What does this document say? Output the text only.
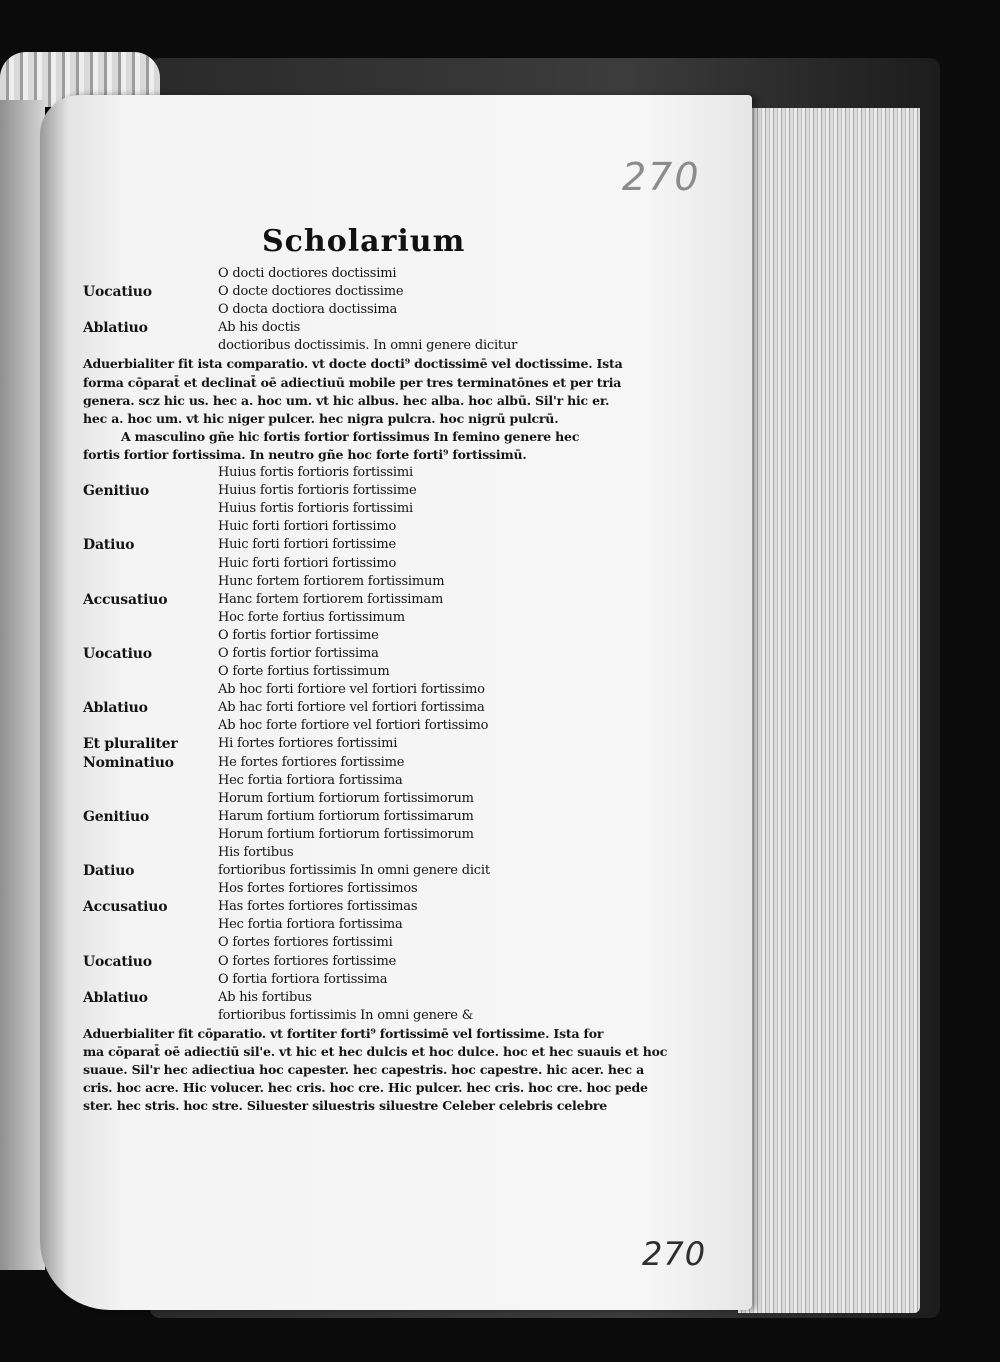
270
Scholarium
O docti doctiores doctissimi
Uocatiuo	O docte doctiores doctissime
O docta doctiora doctissima
Ablatiuo	Ab his doctis
doctioribus doctissimis. In omni genere dicitur
Aduerbialiter fit ista comparatio. vt docte docti⁹ doctissimē vel doctissime. Ista
forma cōparat̄ et declinat̄ oē adiectiuū mobile per tres terminatōnes et per tria
genera. scz hic us. hec a. hoc um. vt hic albus. hec alba. hoc albū. Sil'r hic er.
hec a. hoc um. vt hic niger pulcer. hec nigra pulcra. hoc nigrū pulcrū.
A masculino gñe hic fortis fortior fortissimus In femino genere hec
fortis fortior fortissima. In neutro gñe hoc forte forti⁹ fortissimū.
Huius fortis fortioris fortissimi
Genitiuo	Huius fortis fortioris fortissime
Huius fortis fortioris fortissimi
Huic forti fortiori fortissimo
Datiuo	Huic forti fortiori fortissime
Huic forti fortiori fortissimo
Hunc fortem fortiorem fortissimum
Accusatiuo	Hanc fortem fortiorem fortissimam
Hoc forte fortius fortissimum
O fortis fortior fortissime
Uocatiuo	O fortis fortior fortissima
O forte fortius fortissimum
Ab hoc forti fortiore vel fortiori fortissimo
Ablatiuo	Ab hac forti fortiore vel fortiori fortissima
Ab hoc forte fortiore vel fortiori fortissimo
Et pluraliter	Hi fortes fortiores fortissimi
Nominatiuo	He fortes fortiores fortissime
Hec fortia fortiora fortissima
Horum fortium fortiorum fortissimorum
Genitiuo	Harum fortium fortiorum fortissimarum
Horum fortium fortiorum fortissimorum
His fortibus
Datiuo	fortioribus fortissimis In omni genere dicit
Hos fortes fortiores fortissimos
Accusatiuo	Has fortes fortiores fortissimas
Hec fortia fortiora fortissima
O fortes fortiores fortissimi
Uocatiuo	O fortes fortiores fortissime
O fortia fortiora fortissima
Ablatiuo	Ab his fortibus
fortioribus fortissimis In omni genere &
Aduerbialiter fit cōparatio. vt fortiter forti⁹ fortissimē vel fortissime. Ista for
ma cōparat̄ oē adiectiū sil'e. vt hic et hec dulcis et hoc dulce. hoc et hec suauis et hoc
suaue. Sil'r hec adiectiua hoc capester. hec capestris. hoc capestre. hic acer. hec a
cris. hoc acre. Hic volucer. hec cris. hoc cre. Hic pulcer. hec cris. hoc cre. hoc pede
ster. hec stris. hoc stre. Siluester siluestris siluestre Celeber celebris celebre
270
